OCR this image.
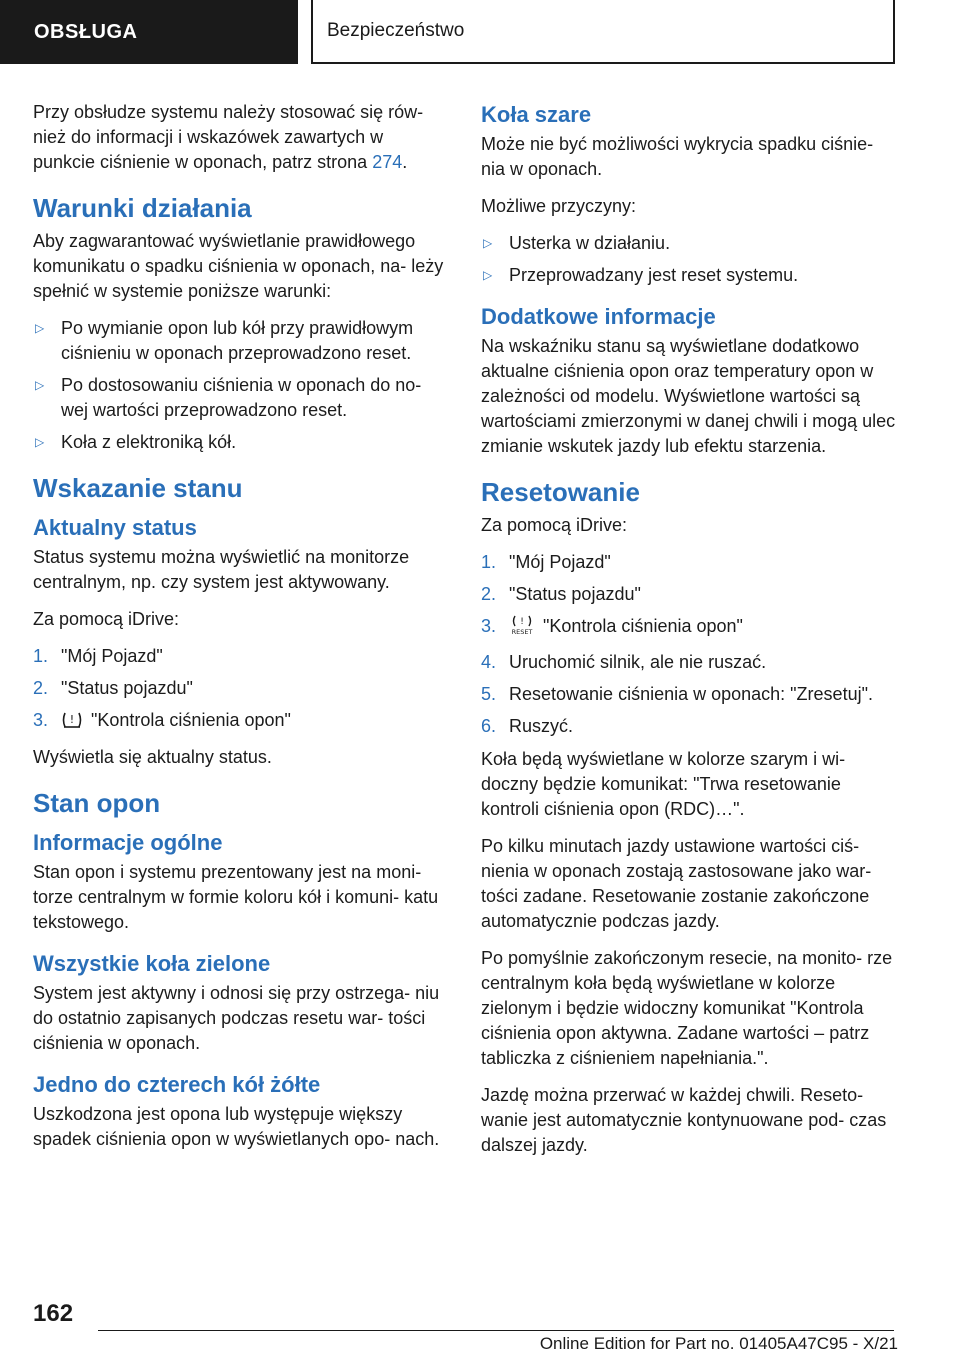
OBSŁUGA	Bezpieczeństwo

Przy obsłudze systemu należy stosować się rów‐ nież do informacji i wskazówek zawartych w punkcie ciśnienie w oponach, patrz strona 274.

Warunki działania

Aby zagwarantować wyświetlanie prawidłowego komunikatu o spadku ciśnienia w oponach, na‐ leży spełnić w systemie poniższe warunki:

▷ Po wymianie opon lub kół przy prawidłowym ciśnieniu w oponach przeprowadzono reset.
▷ Po dostosowaniu ciśnienia w oponach do no‐ wej wartości przeprowadzono reset.
▷ Koła z elektroniką kół.
Wskazanie stanu
Aktualny status

Status systemu można wyświetlić na monitorze centralnym, np. czy system jest aktywowany.

Za pomocą iDrive:

1. "Mój Pojazd"
2. "Status pojazdu"
3. ! "Kontrola ciśnienia opon"

Wyświetla się aktualny status.

Stan opon
Informacje ogólne

Stan opon i systemu prezentowany jest na moni‐ torze centralnym w formie koloru kół i komuni‐ katu tekstowego.

Wszystkie koła zielone

System jest aktywny i odnosi się przy ostrzega‐ niu do ostatnio zapisanych podczas resetu war‐ tości ciśnienia w oponach.

Jedno do czterech kół żółte

Uszkodzona jest opona lub występuje większy spadek ciśnienia opon w wyświetlanych opo‐ nach.

Koła szare

Może nie być możliwości wykrycia spadku ciśnie‐ nia w oponach.

Możliwe przyczyny:

▷ Usterka w działaniu.
▷ Przeprowadzany jest reset systemu.
Dodatkowe informacje

Na wskaźniku stanu są wyświetlane dodatkowo aktualne ciśnienia opon oraz temperatury opon w zależności od modelu. Wyświetlone wartości są wartościami zmierzonymi w danej chwili i mogą ulec zmianie wskutek jazdy lub efektu starzenia.

Resetowanie

Za pomocą iDrive:

1. "Mój Pojazd"
2. "Status pojazdu"
3.	!
RESET "Kontrola ciśnienia opon"
4. Uruchomić silnik, ale nie ruszać.
5. Resetowanie ciśnienia w oponach: "Zresetuj".
6. Ruszyć.

Koła będą wyświetlane w kolorze szarym i wi‐ doczny będzie komunikat: "Trwa resetowanie kontroli ciśnienia opon (RDC)…".

Po kilku minutach jazdy ustawione wartości ciś‐ nienia w oponach zostają zastosowane jako war‐ tości zadane. Resetowanie zostanie zakończone automatycznie podczas jazdy.

Po pomyślnie zakończonym resecie, na monito‐ rze centralnym koła będą wyświetlane w kolorze zielonym i będzie widoczny komunikat "Kontrola ciśnienia opon aktywna. Zadane wartości – patrz tabliczka z ciśnieniem napełniania.".

Jazdę można przerwać w każdej chwili. Reseto‐ wanie jest automatycznie kontynuowane pod‐ czas dalszej jazdy.

162
Online Edition for Part no. 01405A47C95 - X/21
